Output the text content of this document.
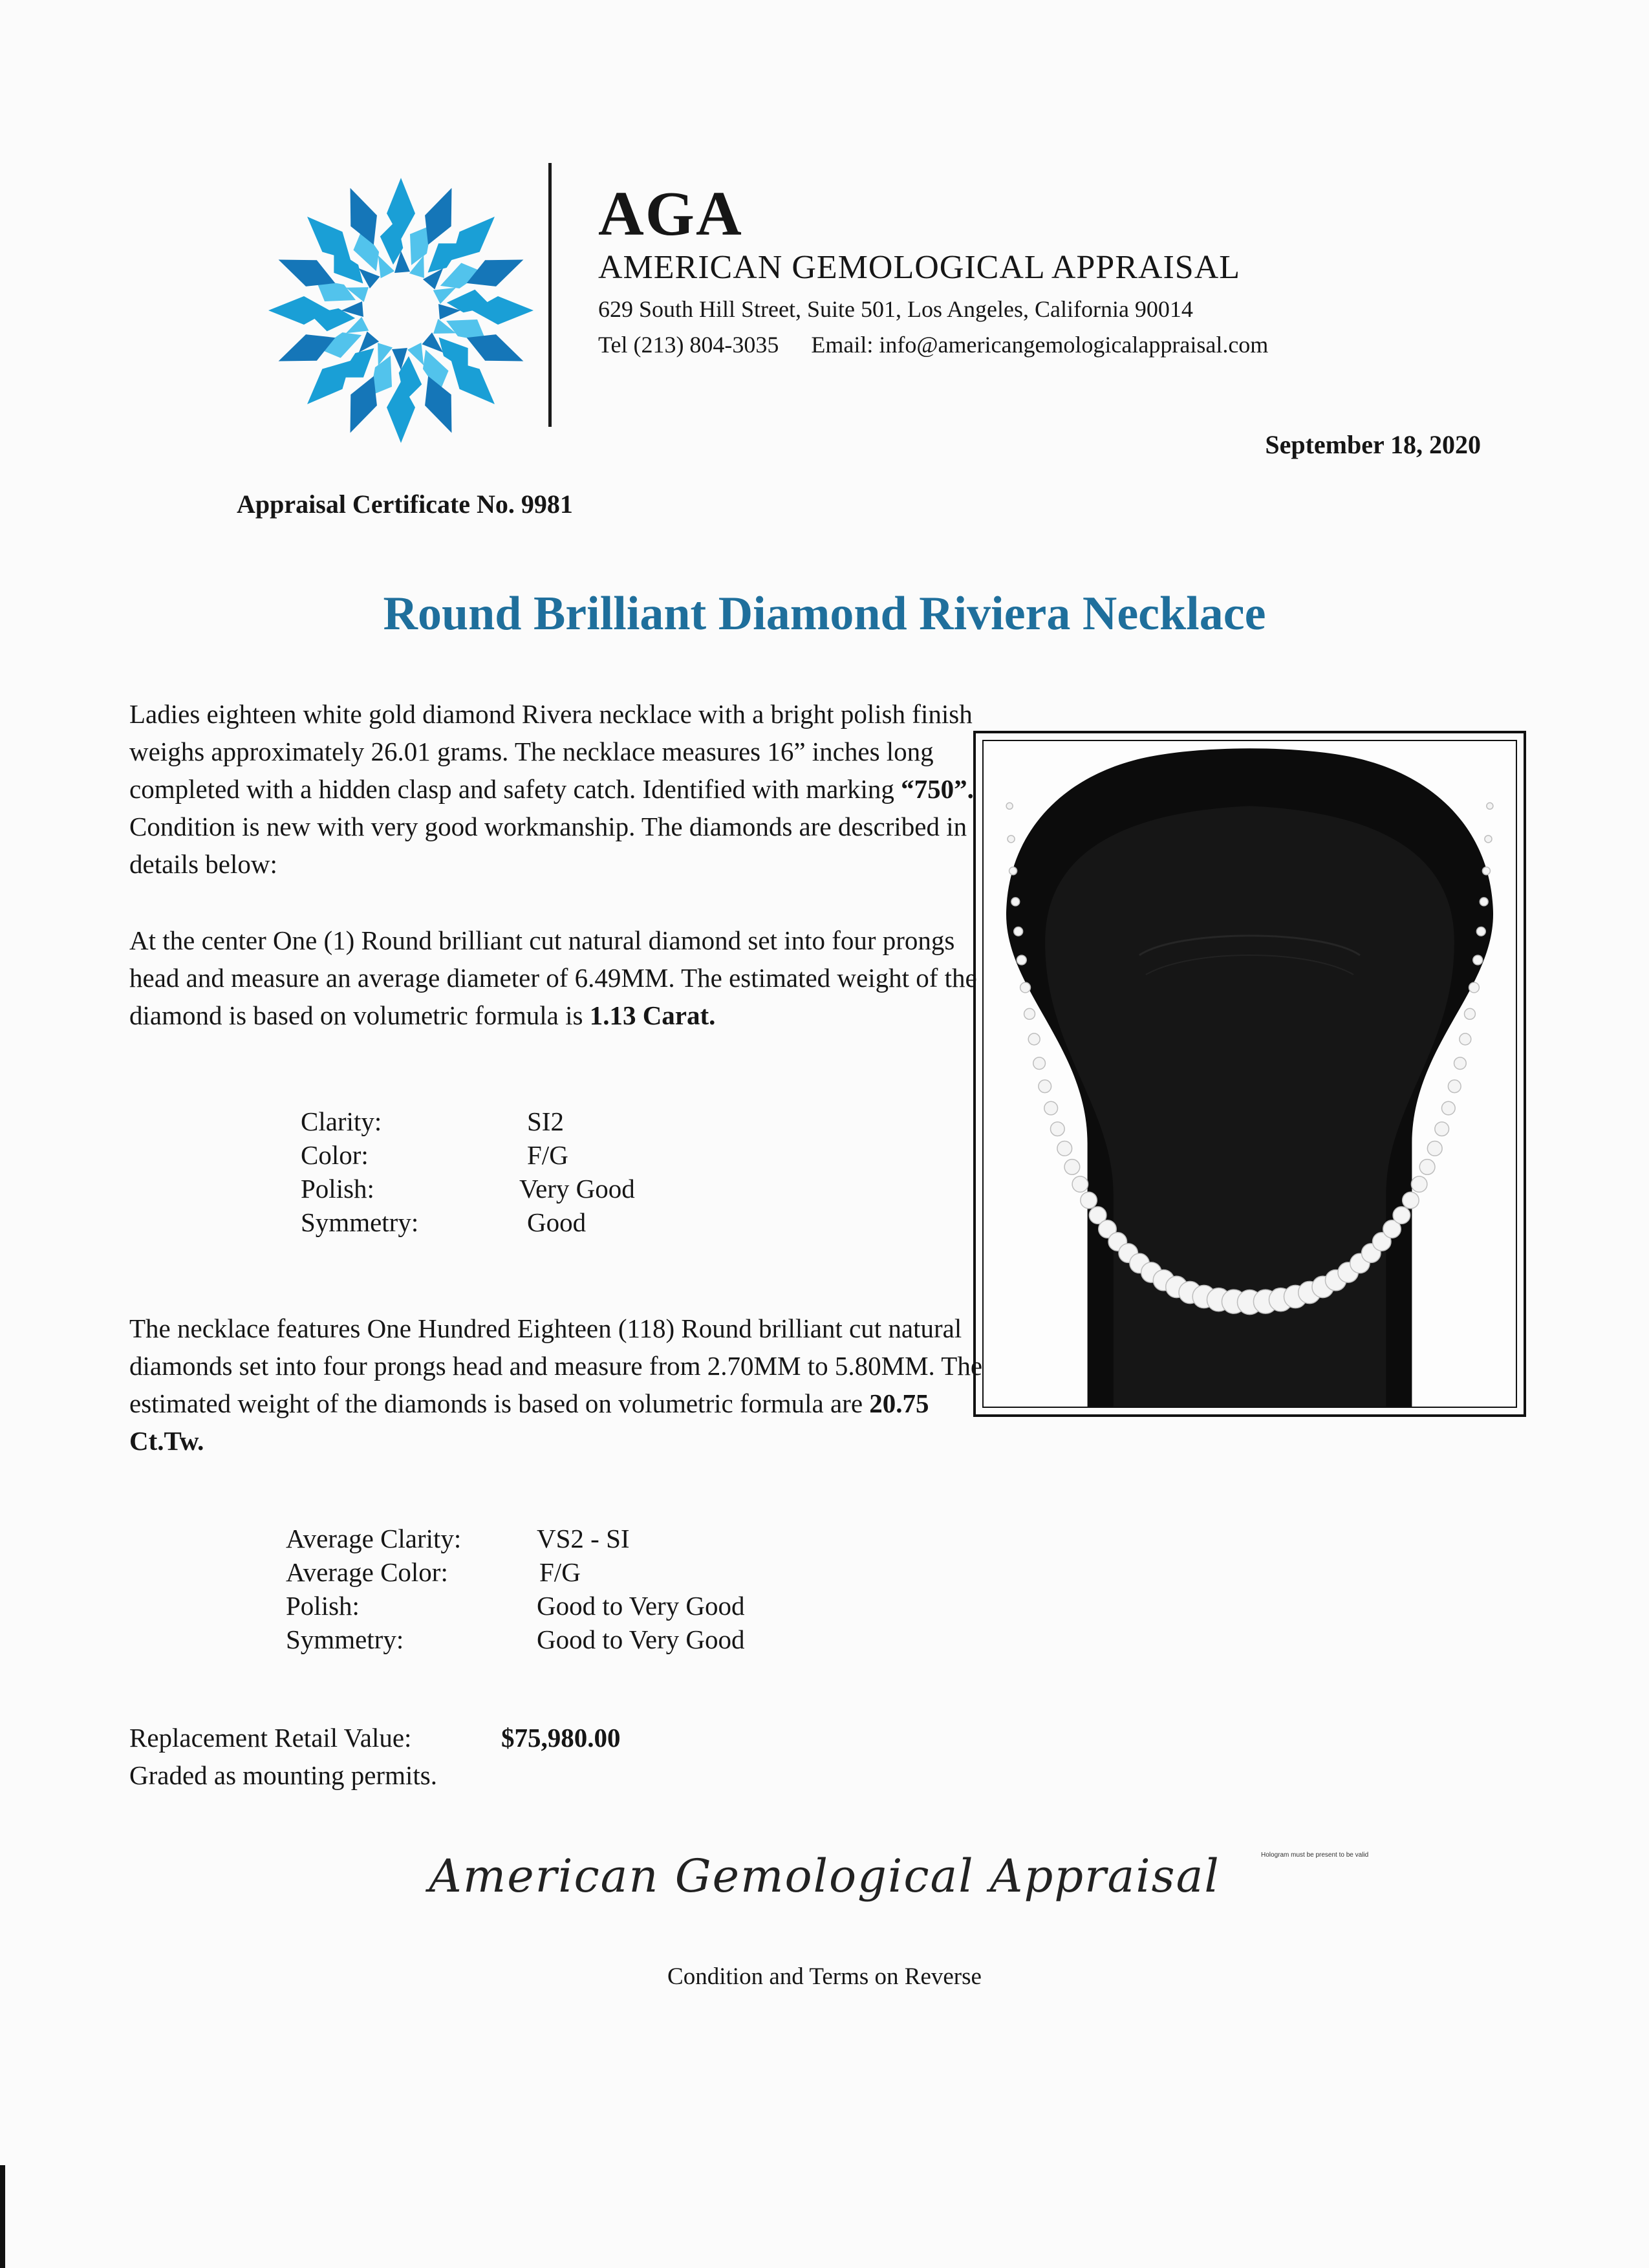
AGA
AMERICAN GEMOLOGICAL APPRAISAL
629 South Hill Street, Suite 501, Los Angeles, California 90014
Tel (213) 804-3035 Email: info@americangemologicalappraisal.com
September 18, 2020
Appraisal Certificate No. 9981
Round Brilliant Diamond Riviera Necklace
Ladies eighteen white gold diamond Rivera necklace with a bright polish finish weighs approximately 26.01 grams. The necklace measures 16” inches long completed with a hidden clasp and safety catch. Identified with marking “750”. Condition is new with very good workmanship. The diamonds are described in details below:
At the center One (1) Round brilliant cut natural diamond set into four prongs head and measure an average diameter of 6.49MM. The estimated weight of the diamond is based on volumetric formula is 1.13 Carat.
Clarity:	SI2
Color:	F/G
Polish:	Very Good
Symmetry:	Good
The necklace features One Hundred Eighteen (118) Round brilliant cut natural diamonds set into four prongs head and measure from 2.70MM to 5.80MM. The estimated weight of the diamonds is based on volumetric formula are 20.75 Ct.Tw.
Average Clarity:	VS2 - SI
Average Color:	F/G
Polish:	Good to Very Good
Symmetry:	Good to Very Good
Replacement Retail Value:	$75,980.00
Graded as mounting permits.
American Gemological Appraisal	Hologram must be present to be valid
Condition and Terms on Reverse
